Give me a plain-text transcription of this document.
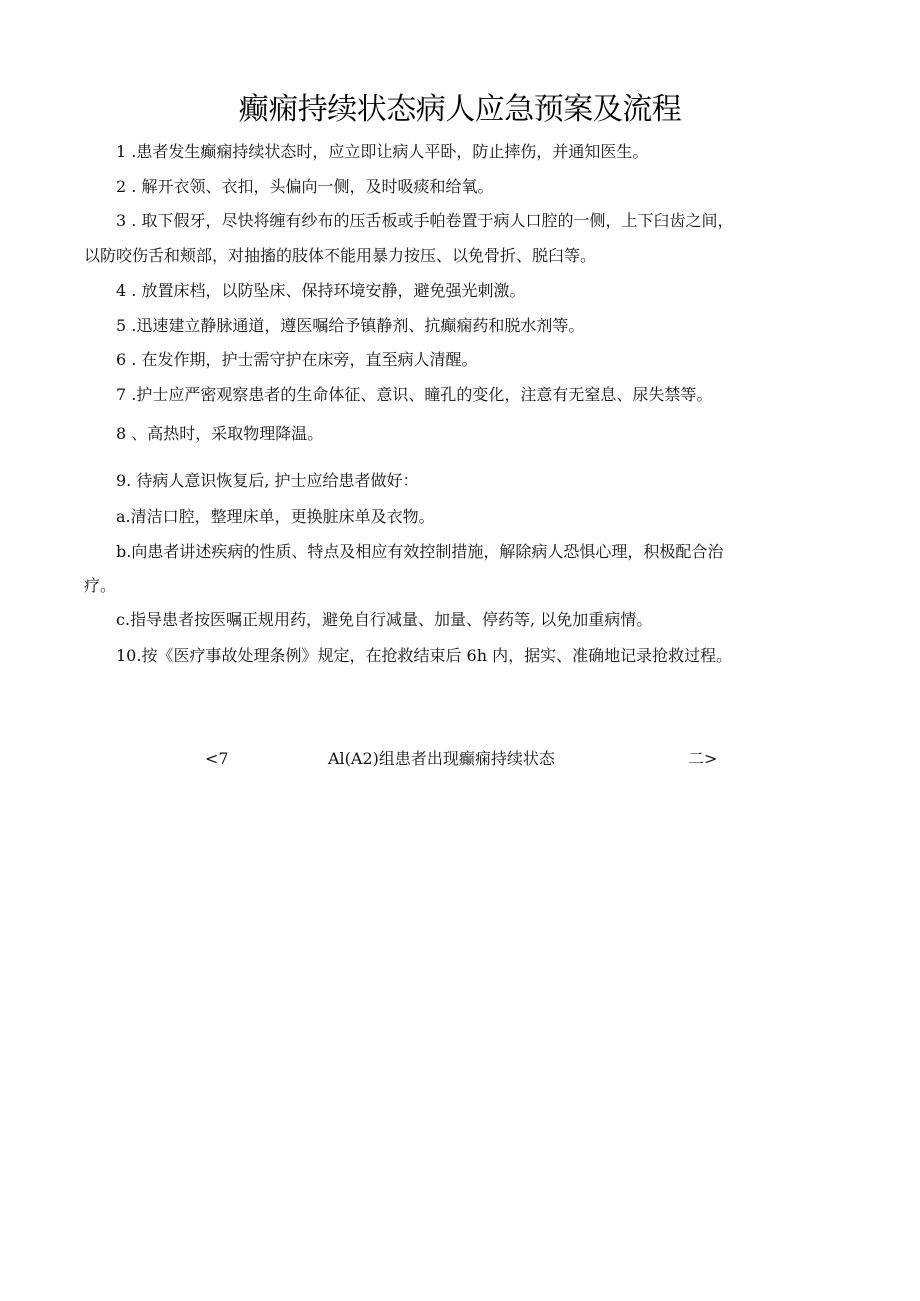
癫痫持续状态病人应急预案及流程
1 .患者发生癫痫持续状态时，应立即让病人平卧，防止摔伤，并通知医生。
2 . 解开衣领、衣扣，头偏向一侧，及时吸痰和给氧。
3 . 取下假牙，尽快将缠有纱布的压舌板或手帕卷置于病人口腔的一侧，上下臼齿之间，
以防咬伤舌和颊部，对抽搐的肢体不能用暴力按压、以免骨折、脱臼等。
4 . 放置床档，以防坠床、保持环境安静，避免强光刺激。
5 .迅速建立静脉通道，遵医嘱给予镇静剂、抗癫痫药和脱水剂等。
6 . 在发作期，护士需守护在床旁，直至病人清醒。
7 .护士应严密观察患者的生命体征、意识、瞳孔的变化，注意有无窒息、尿失禁等。
8 、高热时，采取物理降温。
9. 待病人意识恢复后, 护士应给患者做好：
a.清洁口腔，整理床单，更换脏床单及衣物。
b.向患者讲述疾病的性质、特点及相应有效控制措施，解除病人恐惧心理，积极配合治
疗。
c.指导患者按医嘱正规用药，避免自行减量、加量、停药等, 以免加重病情。
10.按《医疗事故处理条例》规定，在抢救结束后 6h 内，据实、准确地记录抢救过程。
<7	Al(A2)组患者出现癫痫持续状态	二>
